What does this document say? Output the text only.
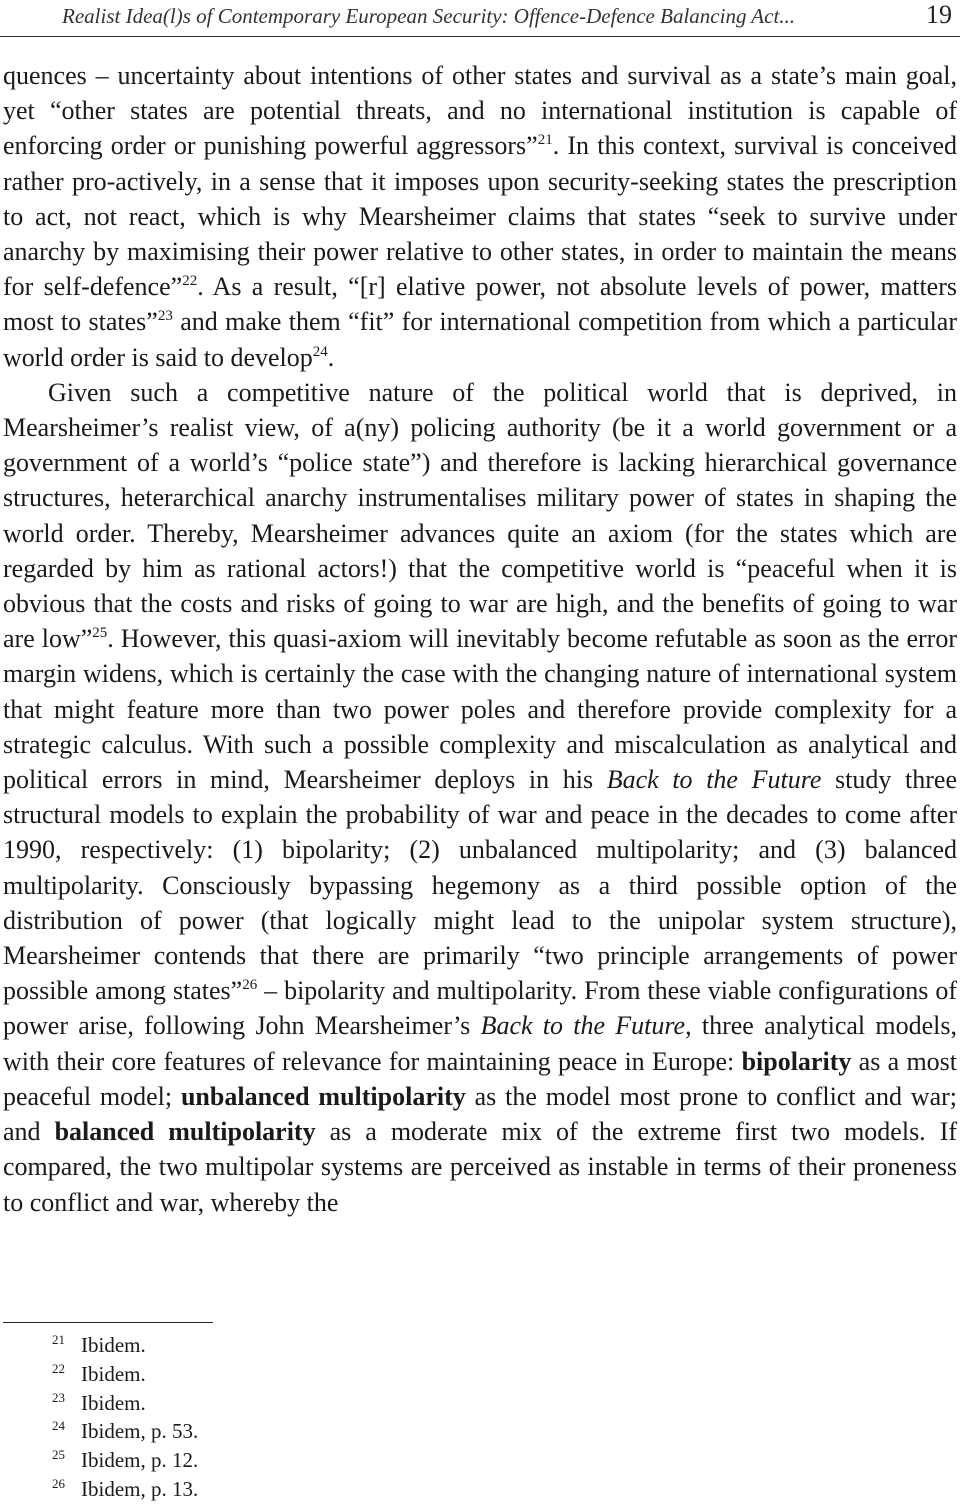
Realist Idea(l)s of Contemporary European Security: Offence-Defence Balancing Act...	19

quences – uncertainty about intentions of other states and survival as a state’s main goal, yet “other states are potential threats, and no international institution is capable of enforcing order or punishing powerful aggressors”$^{21}$. In this context, survival is conceived rather pro-actively, in a sense that it imposes upon security-seeking states the prescription to act, not react, which is why Mearsheimer claims that states “seek to survive under anarchy by maximising their power relative to other states, in order to maintain the means for self-defence”$^{22}$. As a result, “[r] elative power, not absolute levels of power, matters most to states”$^{23}$ and make them “fit” for international competition from which a particular world order is said to develop$^{24}$.

Given such a competitive nature of the political world that is deprived, in Mearsheimer’s realist view, of a(ny) policing authority (be it a world government or a government of a world’s “police state”) and therefore is lacking hierarchical governance structures, heterarchical anarchy instrumentalises military power of states in shaping the world order. Thereby, Mearsheimer advances quite an axiom (for the states which are regarded by him as rational actors!) that the competitive world is “peaceful when it is obvious that the costs and risks of going to war are high, and the benefits of going to war are low”$^{25}$. However, this quasi-axiom will inevitably become refutable as soon as the error margin widens, which is certainly the case with the changing nature of international system that might feature more than two power poles and therefore provide complexity for a strategic calculus. With such a possible complexity and miscalculation as analytical and political errors in mind, Mearsheimer deploys in his Back to the Future study three structural models to explain the probability of war and peace in the decades to come after 1990, respectively: (1) bipolarity; (2) unbalanced multipolarity; and (3) balanced multipolarity. Consciously bypassing hegemony as a third possible option of the distribution of power (that logically might lead to the unipolar system structure), Mearsheimer contends that there are primarily “two principle arrangements of power possible among states”$^{26}$ – bipolarity and multipolarity. From these viable configurations of power arise, following John Mearsheimer’s Back to the Future, three analytical models, with their core features of relevance for maintaining peace in Europe: bipolarity as a most peaceful model; unbalanced multipolarity as the model most prone to conflict and war; and balanced multipolarity as a moderate mix of the extreme first two models. If compared, the two multipolar systems are perceived as instable in terms of their proneness to conflict and war, whereby the

21 Ibidem.
22 Ibidem.
23 Ibidem.
24 Ibidem, p. 53.
25 Ibidem, p. 12.
26 Ibidem, p. 13.
